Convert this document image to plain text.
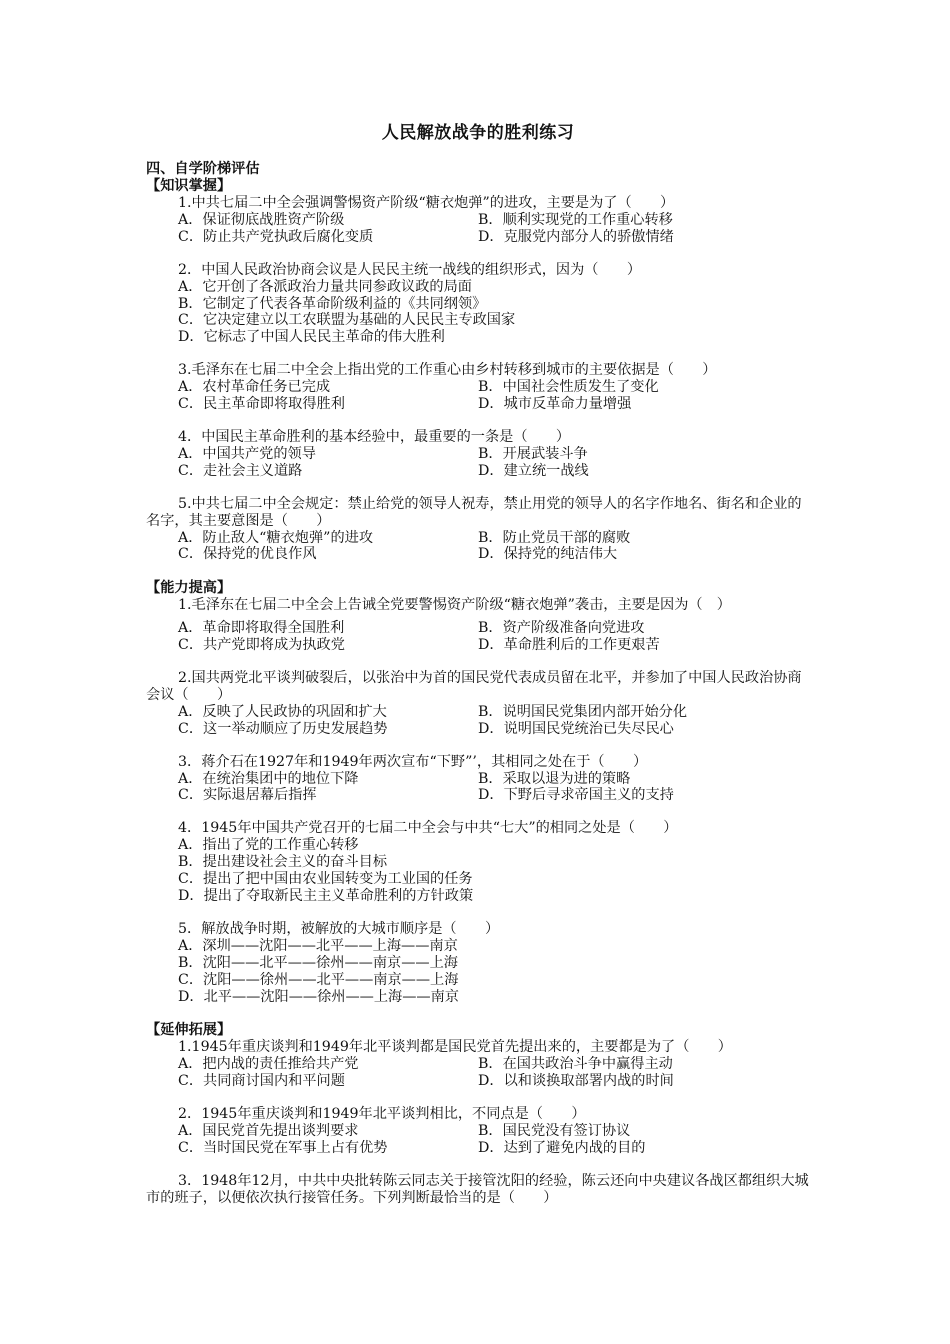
人民解放战争的胜利练习
四、自学阶梯评估
【知识掌握】
1.中共七届二中全会强调警惕资产阶级“糖衣炮弹”的进攻，主要是为了（　　）
A．保证彻底战胜资产阶级	B．顺利实现党的工作重心转移
C．防止共产党执政后腐化变质	D．克服党内部分人的骄傲情绪
2．中国人民政治协商会议是人民民主统一战线的组织形式，因为（　　）
A．它开创了各派政治力量共同参政议政的局面
B．它制定了代表各革命阶级利益的《共同纲领》
C．它决定建立以工农联盟为基础的人民民主专政国家
D．它标志了中国人民民主革命的伟大胜利
3.毛泽东在七届二中全会上指出党的工作重心由乡村转移到城市的主要依据是（　　）
A．农村革命任务已完成	B．中国社会性质发生了变化
C．民主革命即将取得胜利	D．城市反革命力量增强
4．中国民主革命胜利的基本经验中，最重要的一条是（　　）
A．中国共产党的领导	B．开展武装斗争
C．走社会主义道路	D．建立统一战线
5.中共七届二中全会规定：禁止给党的领导人祝寿，禁止用党的领导人的名字作地名、街名和企业的名字，其主要意图是（　　）
A．防止敌人“糖衣炮弹”的进攻	B．防止党员干部的腐败
C．保持党的优良作风	D．保持党的纯洁伟大
【能力提高】
1.毛泽东在七届二中全会上告诫全党要警惕资产阶级“糖衣炮弹”袭击，主要是因为（　）
A．革命即将取得全国胜利	B．资产阶级准备向党进攻
C．共产党即将成为执政党	D．革命胜利后的工作更艰苦
2.国共两党北平谈判破裂后，以张治中为首的国民党代表成员留在北平，并参加了中国人民政治协商会议（　　）
A．反映了人民政协的巩固和扩大	B．说明国民党集团内部开始分化
C．这一举动顺应了历史发展趋势	D．说明国民党统治已失尽民心
3．蒋介石在1927年和1949年两次宣布“下野”’，其相同之处在于（　　）
A．在统治集团中的地位下降	B．采取以退为进的策略
C．实际退居幕后指挥	D．下野后寻求帝国主义的支持
4．1945年中国共产党召开的七届二中全会与中共“七大”的相同之处是（　　）
A．指出了党的工作重心转移
B．提出建设社会主义的奋斗目标
C．提出了把中国由农业国转变为工业国的任务
D．提出了夺取新民主主义革命胜利的方针政策
5．解放战争时期，被解放的大城市顺序是（　　）
A．深圳——沈阳——北平——上海——南京
B．沈阳——北平——徐州——南京——上海
C．沈阳——徐州——北平——南京——上海
D．北平——沈阳——徐州——上海——南京
【延伸拓展】
1.1945年重庆谈判和1949年北平谈判都是国民党首先提出来的，主要都是为了（　　）
A．把内战的责任推给共产党	B．在国共政治斗争中赢得主动
C．共同商讨国内和平问题	D．以和谈换取部署内战的时间
2．1945年重庆谈判和1949年北平谈判相比，不同点是（　　）
A．国民党首先提出谈判要求	B．国民党没有签订协议
C．当时国民党在军事上占有优势	D．达到了避免内战的目的
3．1948年12月，中共中央批转陈云同志关于接管沈阳的经验，陈云还向中央建议各战区都组织大城市的班子，以便依次执行接管任务。下列判断最恰当的是（　　）
